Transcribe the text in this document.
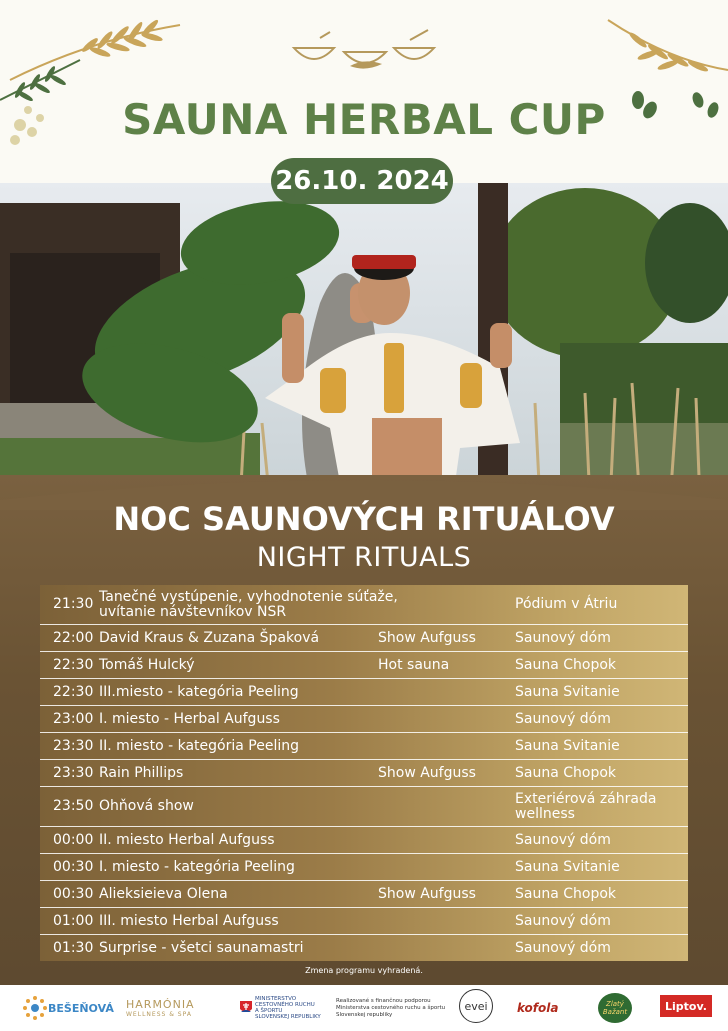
SAUNA HERBAL CUP
26.10. 2024
NOC SAUNOVÝCH RITUÁLOV
NIGHT RITUALS
21:30 Tanečné vystúpenie, vyhodnotenie súťaže, uvítanie návštevníkov NSR	Pódium v Átriu
22:00 David Kraus & Zuzana Špaková	Show Aufguss	Saunový dóm
22:30 Tomáš Hulcký	Hot sauna	Sauna Chopok
22:30 III.miesto - kategória Peeling	Sauna Svitanie
23:00 I. miesto - Herbal Aufguss	Saunový dóm
23:30 II. miesto - kategória Peeling	Sauna Svitanie
23:30 Rain Phillips	Show Aufguss	Sauna Chopok
23:50 Ohňová show	Exteriérová záhrada wellness
00:00 II. miesto Herbal Aufguss	Saunový dóm
00:30 I. miesto - kategória Peeling	Sauna Svitanie
00:30 Alieksieieva Olena	Show Aufguss	Sauna Chopok
01:00 III. miesto Herbal Aufguss	Saunový dóm
01:30 Surprise - všetci saunamastri	Saunový dóm
Zmena programu vyhradená.
BEŠEŇOVÁ HARMÓNIA
WELLNESS & SPA
MINISTERSTVO
CESTOVNÉHO RUCHU
A ŠPORTU
SLOVENSKEJ REPUBLIKY
Realizované s finančnou podporou Ministerstva cestovného ruchu a športu Slovenskej republiky
evei	kofola	Zlatý Bažant	Liptov.
